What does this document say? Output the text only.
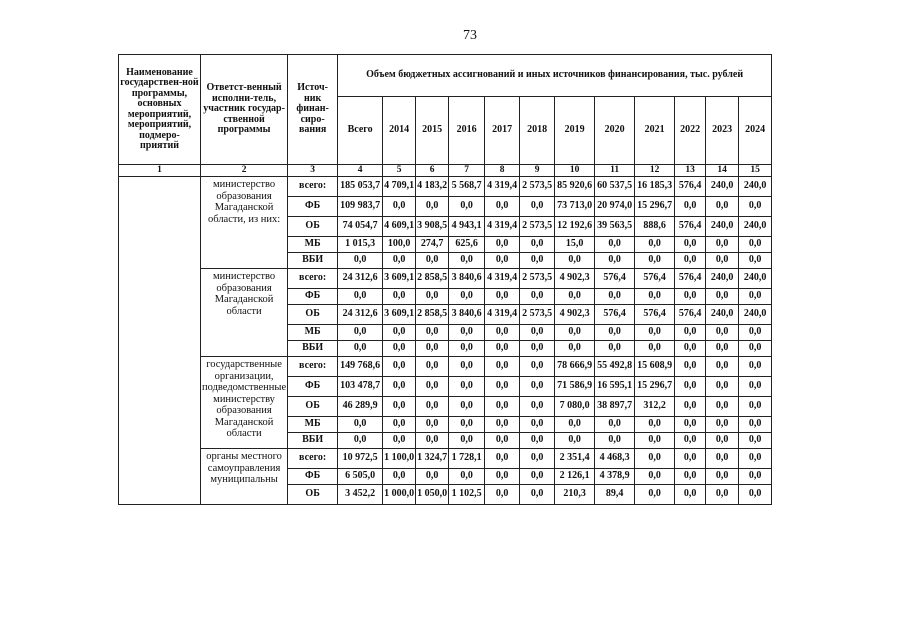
73
Наименование государствен-ной программы, основных мероприятий, мероприятий, подмеро-приятий	Ответст-венный исполни-тель, участник государ-ственной программы	Источ-ник финан-сиро-вания	Объем бюджетных ассигнований и иных источников финансирования, тыс. рублей											
			Всего	2014	2015	2016	2017	2018	2019	2020	2021	2022	2023	2024
1	2	3	4	5	6	7	8	9	10	11	12	13	14	15
	министерство образования Магаданской области, из них:	всего:	185 053,7	4 709,1	4 183,2	5 568,7	4 319,4	2 573,5	85 920,6	60 537,5	16 185,3	576,4	240,0	240,0
		ФБ	109 983,7	0,0	0,0	0,0	0,0	0,0	73 713,0	20 974,0	15 296,7	0,0	0,0	0,0
		ОБ	74 054,7	4 609,1	3 908,5	4 943,1	4 319,4	2 573,5	12 192,6	39 563,5	888,6	576,4	240,0	240,0
		МБ	1 015,3	100,0	274,7	625,6	0,0	0,0	15,0	0,0	0,0	0,0	0,0	0,0
		ВБИ	0,0	0,0	0,0	0,0	0,0	0,0	0,0	0,0	0,0	0,0	0,0	0,0
	министерство образования Магаданской области	всего:	24 312,6	3 609,1	2 858,5	3 840,6	4 319,4	2 573,5	4 902,3	576,4	576,4	576,4	240,0	240,0
		ФБ	0,0	0,0	0,0	0,0	0,0	0,0	0,0	0,0	0,0	0,0	0,0	0,0
		ОБ	24 312,6	3 609,1	2 858,5	3 840,6	4 319,4	2 573,5	4 902,3	576,4	576,4	576,4	240,0	240,0
		МБ	0,0	0,0	0,0	0,0	0,0	0,0	0,0	0,0	0,0	0,0	0,0	0,0
		ВБИ	0,0	0,0	0,0	0,0	0,0	0,0	0,0	0,0	0,0	0,0	0,0	0,0
	государственные организации, подведомственные министерству образования Магаданской области	всего:	149 768,6	0,0	0,0	0,0	0,0	0,0	78 666,9	55 492,8	15 608,9	0,0	0,0	0,0
		ФБ	103 478,7	0,0	0,0	0,0	0,0	0,0	71 586,9	16 595,1	15 296,7	0,0	0,0	0,0
		ОБ	46 289,9	0,0	0,0	0,0	0,0	0,0	7 080,0	38 897,7	312,2	0,0	0,0	0,0
		МБ	0,0	0,0	0,0	0,0	0,0	0,0	0,0	0,0	0,0	0,0	0,0	0,0
		ВБИ	0,0	0,0	0,0	0,0	0,0	0,0	0,0	0,0	0,0	0,0	0,0	0,0
	органы местного самоуправления муниципальны	всего:	10 972,5	1 100,0	1 324,7	1 728,1	0,0	0,0	2 351,4	4 468,3	0,0	0,0	0,0	0,0
		ФБ	6 505,0	0,0	0,0	0,0	0,0	0,0	2 126,1	4 378,9	0,0	0,0	0,0	0,0
		ОБ	3 452,2	1 000,0	1 050,0	1 102,5	0,0	0,0	210,3	89,4	0,0	0,0	0,0	0,0
